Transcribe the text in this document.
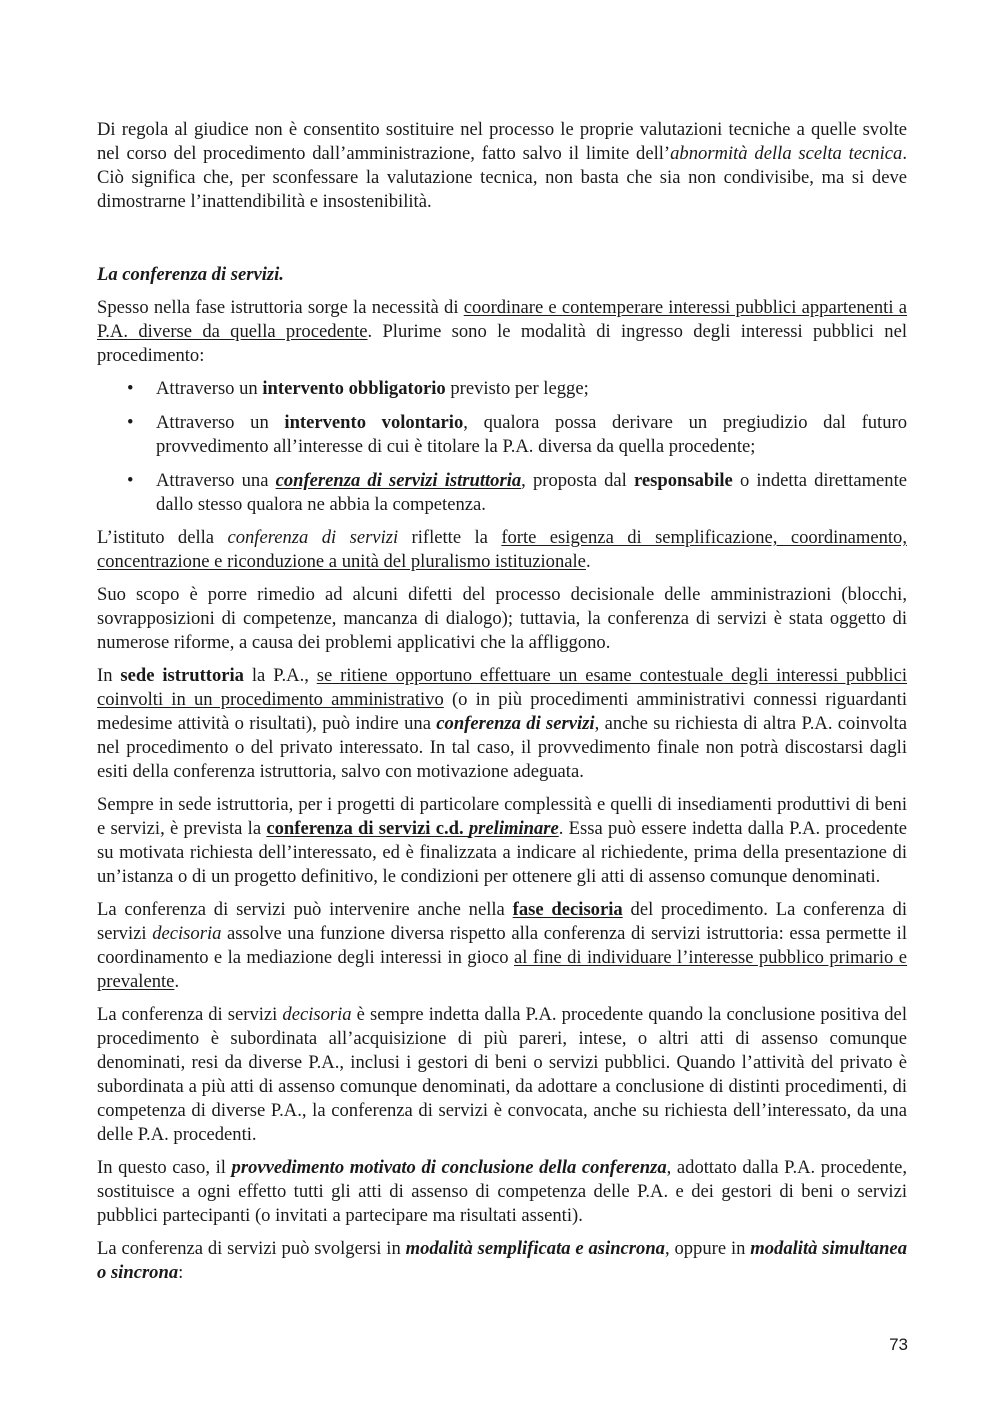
Di regola al giudice non è consentito sostituire nel processo le proprie valutazioni tecniche a quelle svolte nel corso del procedimento dall’amministrazione, fatto salvo il limite dell’abnormità della scelta tecnica. Ciò significa che, per sconfessare la valutazione tecnica, non basta che sia non condivisibe, ma si deve dimostrarne l’inattendibilità e insostenibilità.

La conferenza di servizi.

Spesso nella fase istruttoria sorge la necessità di coordinare e contemperare interessi pubblici appartenenti a P.A. diverse da quella procedente. Plurime sono le modalità di ingresso degli interessi pubblici nel procedimento:

• Attraverso un intervento obbligatorio previsto per legge;
• Attraverso un intervento volontario, qualora possa derivare un pregiudizio dal futuro provvedimento all’interesse di cui è titolare la P.A. diversa da quella procedente;
• Attraverso una conferenza di servizi istruttoria, proposta dal responsabile o indetta direttamente dallo stesso qualora ne abbia la competenza.

L’istituto della conferenza di servizi riflette la forte esigenza di semplificazione, coordinamento, concentrazione e riconduzione a unità del pluralismo istituzionale.

Suo scopo è porre rimedio ad alcuni difetti del processo decisionale delle amministrazioni (blocchi, sovrapposizioni di competenze, mancanza di dialogo); tuttavia, la conferenza di servizi è stata oggetto di numerose riforme, a causa dei problemi applicativi che la affliggono.

In sede istruttoria la P.A., se ritiene opportuno effettuare un esame contestuale degli interessi pubblici coinvolti in un procedimento amministrativo (o in più procedimenti amministrativi connessi riguardanti medesime attività o risultati), può indire una conferenza di servizi, anche su richiesta di altra P.A. coinvolta nel procedimento o del privato interessato. In tal caso, il provvedimento finale non potrà discostarsi dagli esiti della conferenza istruttoria, salvo con motivazione adeguata.

Sempre in sede istruttoria, per i progetti di particolare complessità e quelli di insediamenti produttivi di beni e servizi, è prevista la conferenza di servizi c.d. preliminare. Essa può essere indetta dalla P.A. procedente su motivata richiesta dell’interessato, ed è finalizzata a indicare al richiedente, prima della presentazione di un’istanza o di un progetto definitivo, le condizioni per ottenere gli atti di assenso comunque denominati.

La conferenza di servizi può intervenire anche nella fase decisoria del procedimento. La conferenza di servizi decisoria assolve una funzione diversa rispetto alla conferenza di servizi istruttoria: essa permette il coordinamento e la mediazione degli interessi in gioco al fine di individuare l’interesse pubblico primario e prevalente.

La conferenza di servizi decisoria è sempre indetta dalla P.A. procedente quando la conclusione positiva del procedimento è subordinata all’acquisizione di più pareri, intese, o altri atti di assenso comunque denominati, resi da diverse P.A., inclusi i gestori di beni o servizi pubblici. Quando l’attività del privato è subordinata a più atti di assenso comunque denominati, da adottare a conclusione di distinti procedimenti, di competenza di diverse P.A., la conferenza di servizi è convocata, anche su richiesta dell’interessato, da una delle P.A. procedenti.

In questo caso, il provvedimento motivato di conclusione della conferenza, adottato dalla P.A. procedente, sostituisce a ogni effetto tutti gli atti di assenso di competenza delle P.A. e dei gestori di beni o servizi pubblici partecipanti (o invitati a partecipare ma risultati assenti).

La conferenza di servizi può svolgersi in modalità semplificata e asincrona, oppure in modalità simultanea o sincrona:

73
